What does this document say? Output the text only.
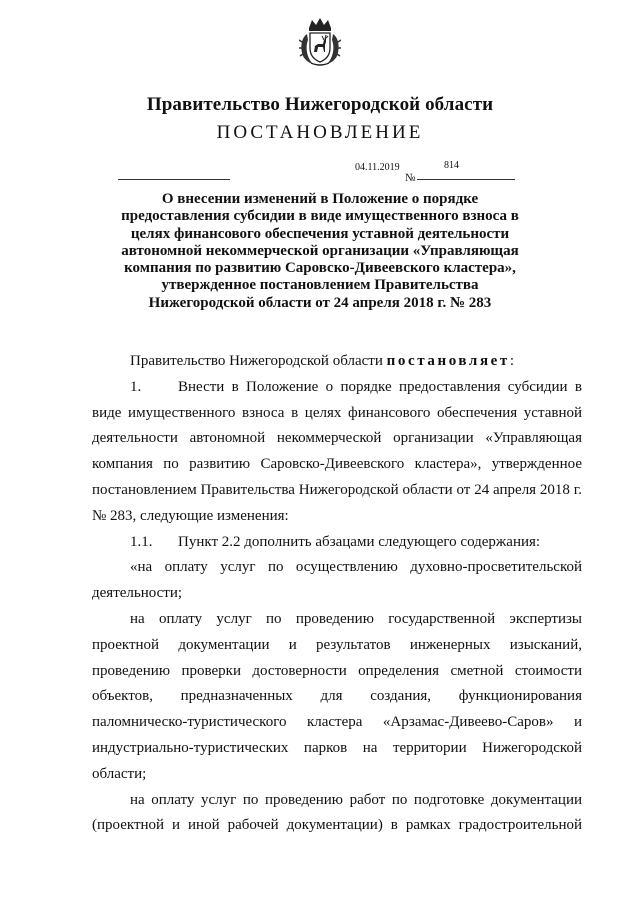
Правительство Нижегородской области
ПОСТАНОВЛЕНИЕ
04.11.2019
№
814
О внесении изменений в Положение о порядке
предоставления субсидии в виде имущественного взноса в
целях финансового обеспечения уставной деятельности
автономной некоммерческой организации «Управляющая
компания по развитию Саровско-Дивеевского кластера»,
утвержденное постановлением Правительства
Нижегородской области от 24 апреля 2018 г. № 283

Правительство Нижегородской области постановляет:

1. Внести в Положение о порядке предоставления субсидии в виде имущественного взноса в целях финансового обеспечения уставной деятельности автономной некоммерческой организации «Управляющая компания по развитию Саровско-Дивеевского кластера», утвержденное постановлением Правительства Нижегородской области от 24 апреля 2018 г. № 283, следующие изменения:

1.1. Пункт 2.2 дополнить абзацами следующего содержания:

«на оплату услуг по осуществлению духовно-просветительской деятельности;

на оплату услуг по проведению государственной экспертизы проектной документации и результатов инженерных изысканий, проведению проверки достоверности определения сметной стоимости объектов, предназначенных для создания, функционирования паломническо-туристического кластера «Арзамас-Дивеево-Саров» и индустриально-туристических парков на территории Нижегородской области;

на оплату услуг по проведению работ по подготовке документации (проектной и иной рабочей документации) в рамках градостроительной
